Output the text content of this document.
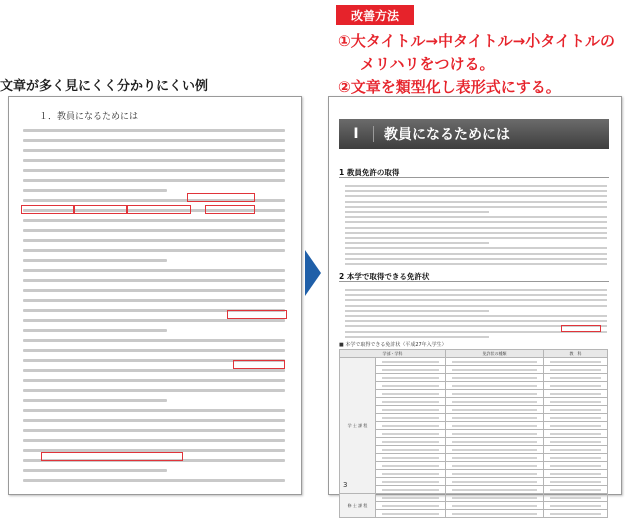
改善方法
①大タイトル→中タイトル→小タイトルの
メリハリをつける。
②文章を類型化し表形式にする。
文章が多く見にくく分かりにくい例
１．教員になるためには
I	教員になるためには
1 教員免許の取得
2 本学で取得できる免許状
■ 本学で取得できる免許状（平成27年入学生）
学部・学科		免許状の種類	教　科
学 士 課 程	

修 士 課 程	

3
